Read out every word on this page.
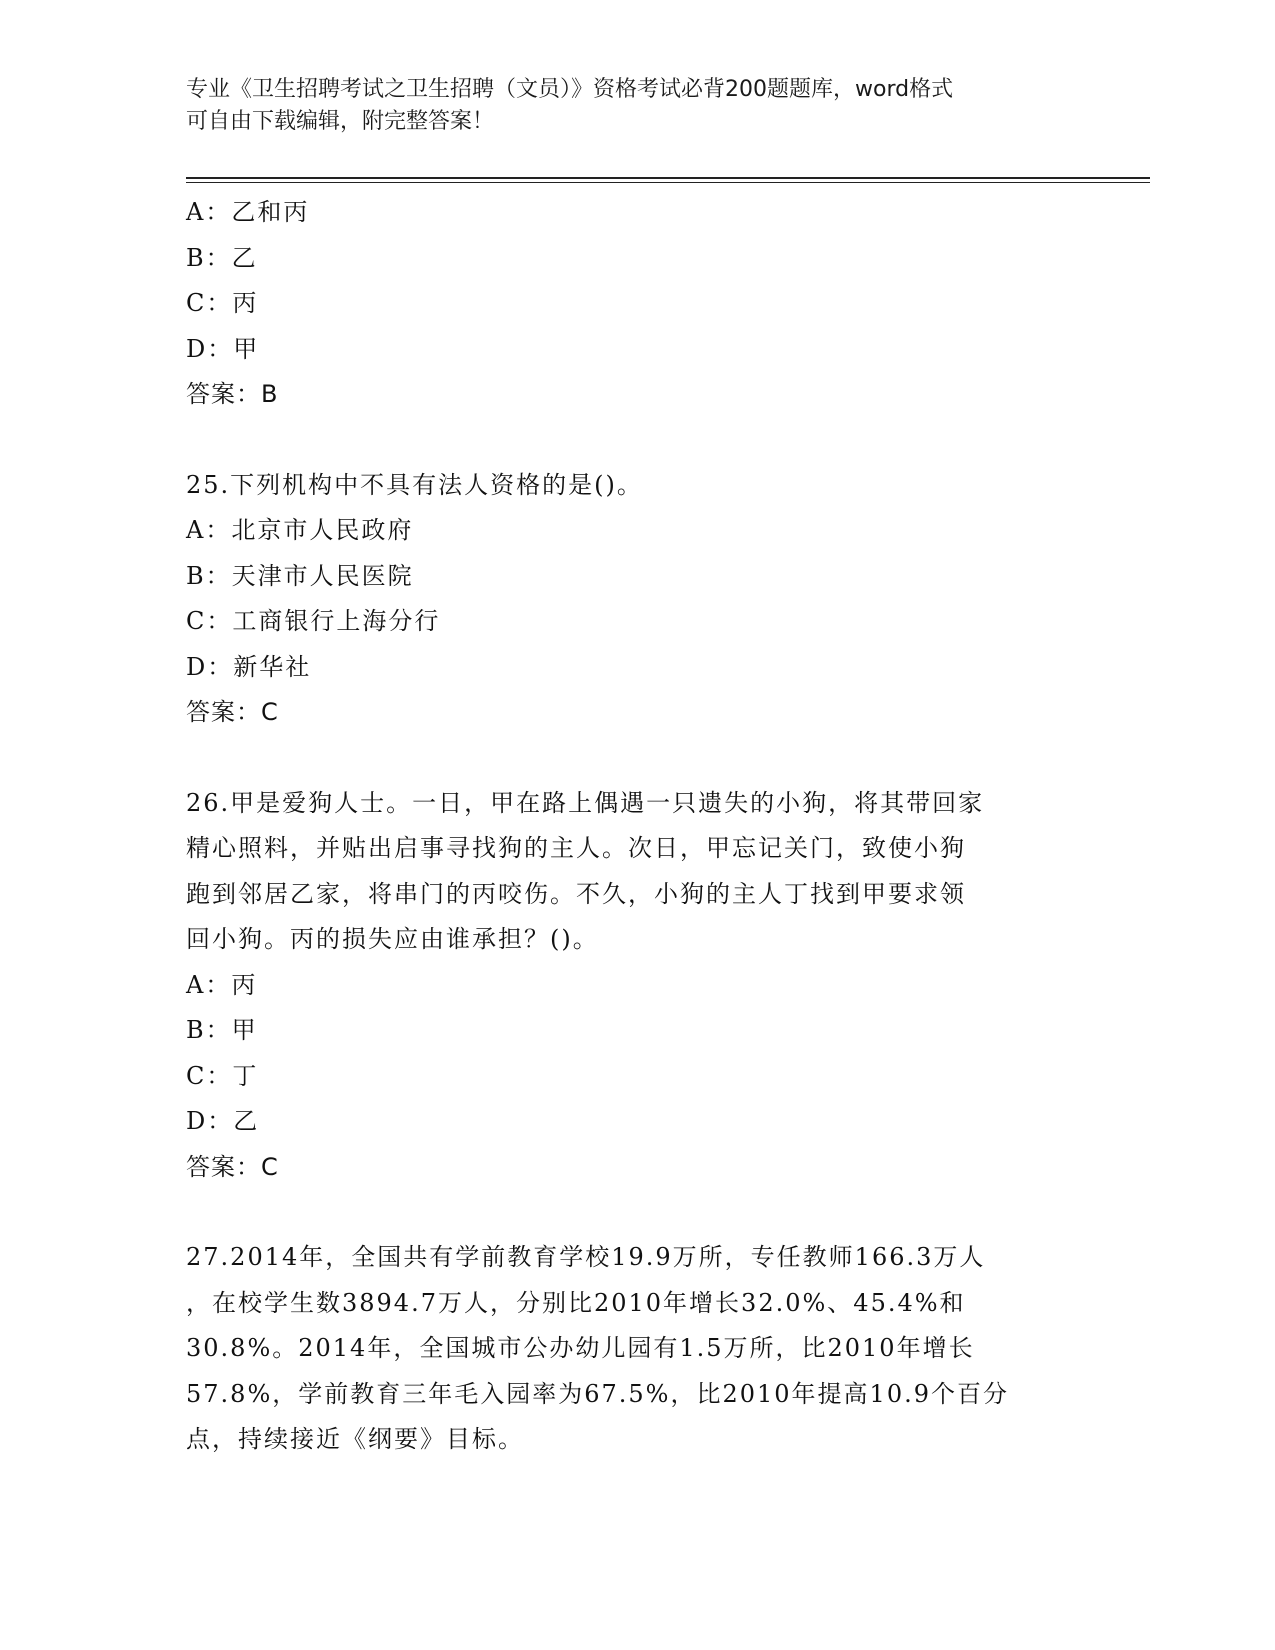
专业《卫生招聘考试之卫生招聘（文员）》资格考试必背200题题库，word格式
可自由下载编辑，附完整答案！
A：乙和丙
B：乙
C：丙
D：甲
答案：B
25.下列机构中不具有法人资格的是()。
A：北京市人民政府
B：天津市人民医院
C：工商银行上海分行
D：新华社
答案：C
26.甲是爱狗人士。一日，甲在路上偶遇一只遗失的小狗，将其带回家
精心照料，并贴出启事寻找狗的主人。次日，甲忘记关门，致使小狗
跑到邻居乙家，将串门的丙咬伤。不久，小狗的主人丁找到甲要求领
回小狗。丙的损失应由谁承担？()。
A：丙
B：甲
C：丁
D：乙
答案：C
27.2014年，全国共有学前教育学校19.9万所，专任教师166.3万人
，在校学生数3894.7万人，分别比2010年增长32.0%、45.4%和
30.8%。2014年，全国城市公办幼儿园有1.5万所，比2010年增长
57.8%，学前教育三年毛入园率为67.5%，比2010年提高10.9个百分
点，持续接近《纲要》目标。
